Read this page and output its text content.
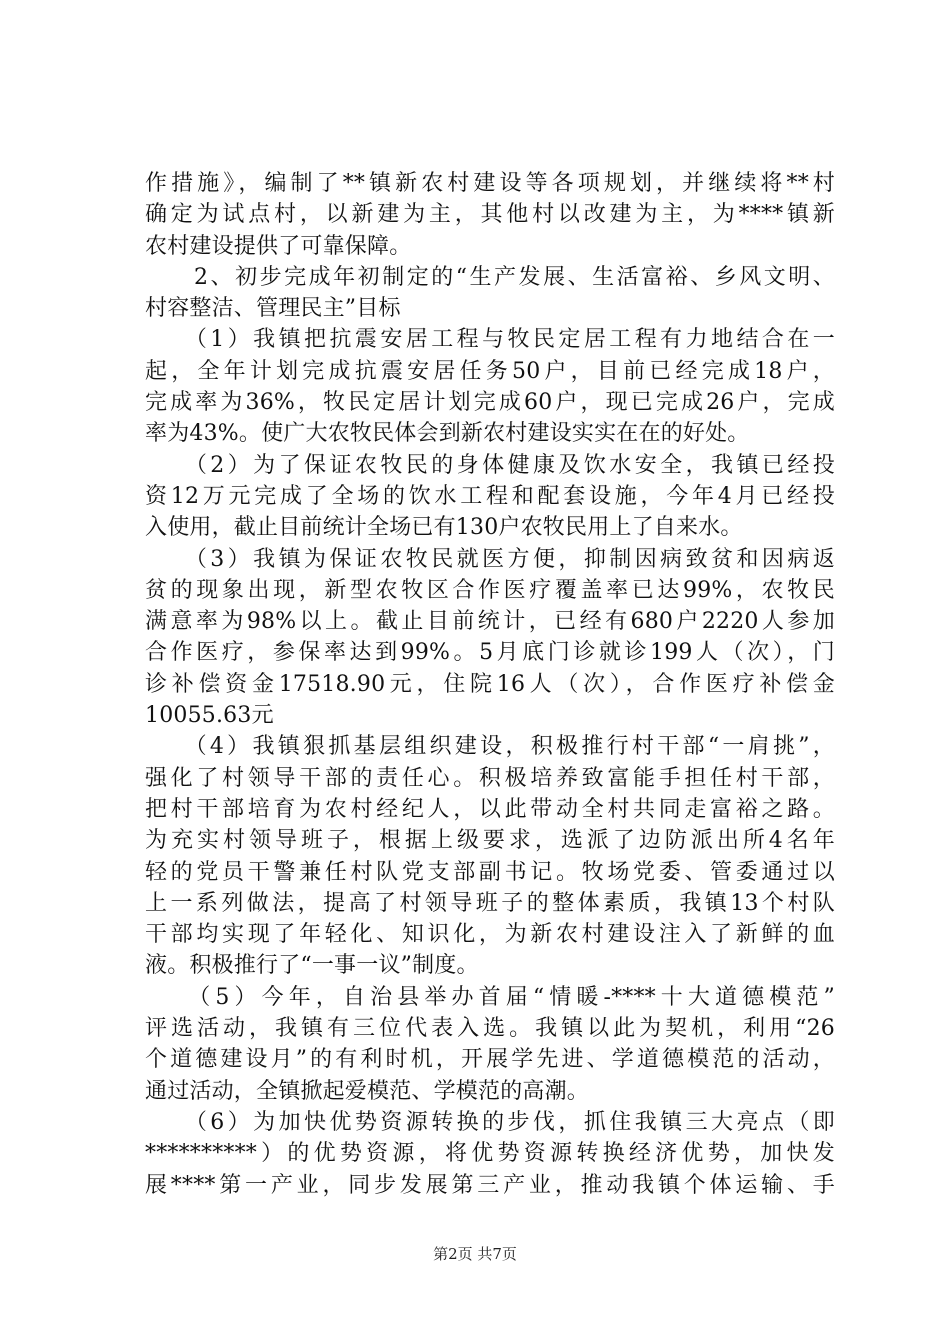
作措施》，编制了**镇新农村建设等各项规划，并继续将**村
确定为试点村，以新建为主，其他村以改建为主，为****镇新
农村建设提供了可靠保障。
　　2、初步完成年初制定的“生产发展、生活富裕、乡风文明、
村容整洁、管理民主”目标
　　（1）我镇把抗震安居工程与牧民定居工程有力地结合在一
起，全年计划完成抗震安居任务50户，目前已经完成18户，
完成率为36%，牧民定居计划完成60户，现已完成26户，完成
率为43%。使广大农牧民体会到新农村建设实实在在的好处。
　　（2）为了保证农牧民的身体健康及饮水安全，我镇已经投
资12万元完成了全场的饮水工程和配套设施，今年4月已经投
入使用，截止目前统计全场已有130户农牧民用上了自来水。
　　（3）我镇为保证农牧民就医方便，抑制因病致贫和因病返
贫的现象出现，新型农牧区合作医疗覆盖率已达99%，农牧民
满意率为98%以上。截止目前统计，已经有680户2220人参加
合作医疗，参保率达到99%。5月底门诊就诊199人（次），门
诊补偿资金17518.90元，住院16人（次），合作医疗补偿金
10055.63元
　　（4）我镇狠抓基层组织建设，积极推行村干部“一肩挑”，
强化了村领导干部的责任心。积极培养致富能手担任村干部，
把村干部培育为农村经纪人，以此带动全村共同走富裕之路。
为充实村领导班子，根据上级要求，选派了边防派出所4名年
轻的党员干警兼任村队党支部副书记。牧场党委、管委通过以
上一系列做法，提高了村领导班子的整体素质，我镇13个村队
干部均实现了年轻化、知识化，为新农村建设注入了新鲜的血
液。积极推行了“一事一议”制度。
　　（5）今年，自治县举办首届“情暖-****十大道德模范”
评选活动，我镇有三位代表入选。我镇以此为契机，利用“26
个道德建设月”的有利时机，开展学先进、学道德模范的活动，
通过活动，全镇掀起爱模范、学模范的高潮。
　　（6）为加快优势资源转换的步伐，抓住我镇三大亮点（即
**********）的优势资源，将优势资源转换经济优势，加快发
展****第一产业，同步发展第三产业，推动我镇个体运输、手
第2页 共7页
